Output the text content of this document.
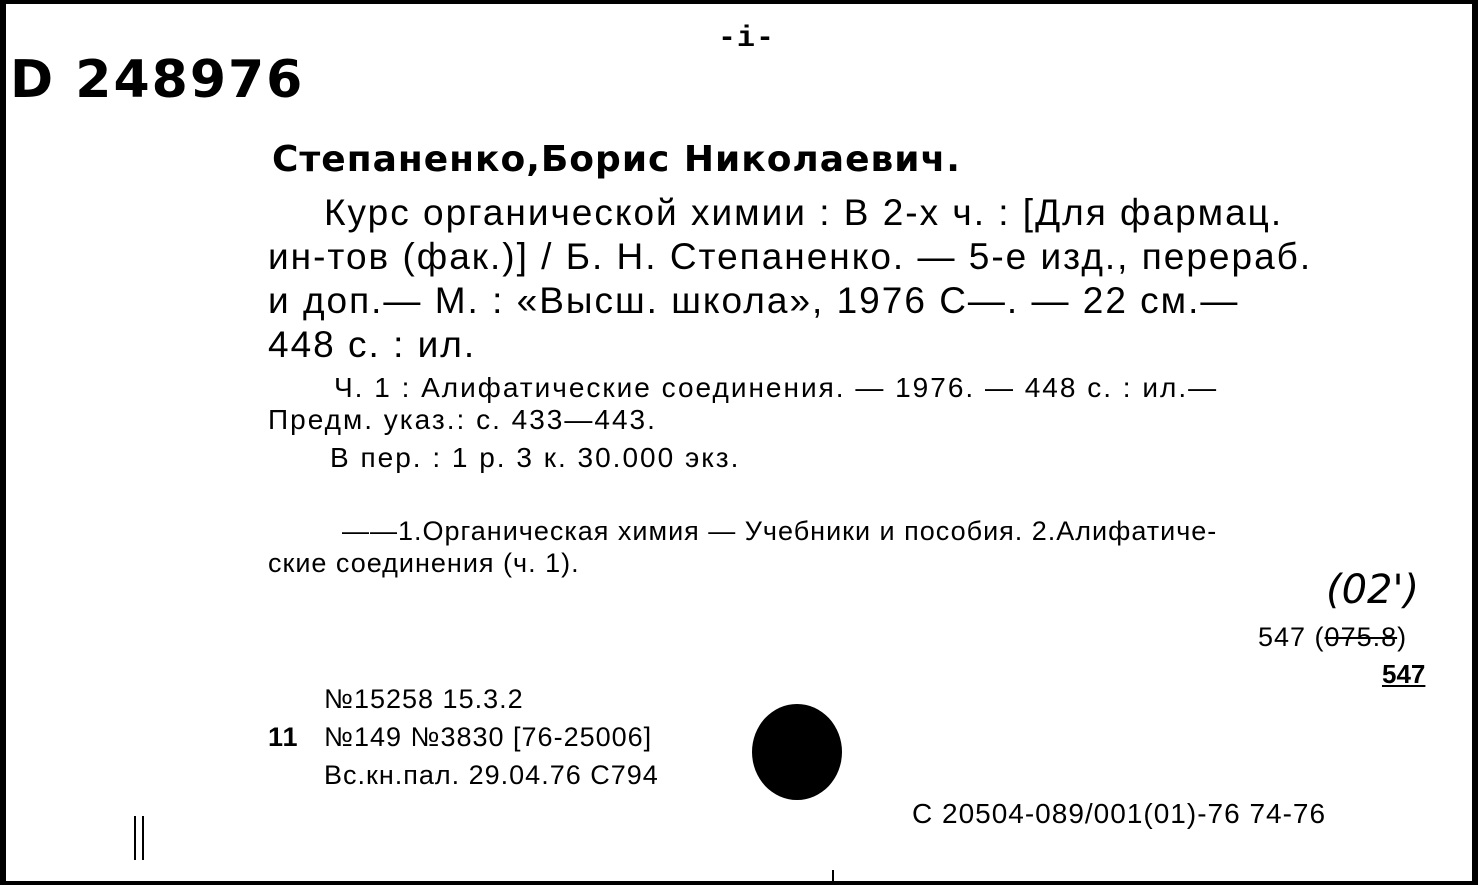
-i-
D 248976
Степаненко,Борис Николаевич.
Курс органической химии : В 2-х ч. : [Для фармац.
ин-тов (фак.)] / Б. Н. Степаненко. — 5-е изд., перераб.
и доп.— М. : «Высш. школа», 1976 С—. — 22 см.—
448 с. : ил.
Ч. 1 : Алифатические соединения. — 1976. — 448 с. : ил.—
Предм. указ.: с. 433—443.
В пер. : 1 р. 3 к. 30.000 экз.
——1.Органическая химия — Учебники и пособия. 2.Алифатиче-
ские соединения (ч. 1).
(02')
547 (075.8)
547
№15258 15.3.2
11 №149 №3830 [76-25006]
Вс.кн.пал. 29.04.76 С794
С 20504-089/001(01)-76 74-76
